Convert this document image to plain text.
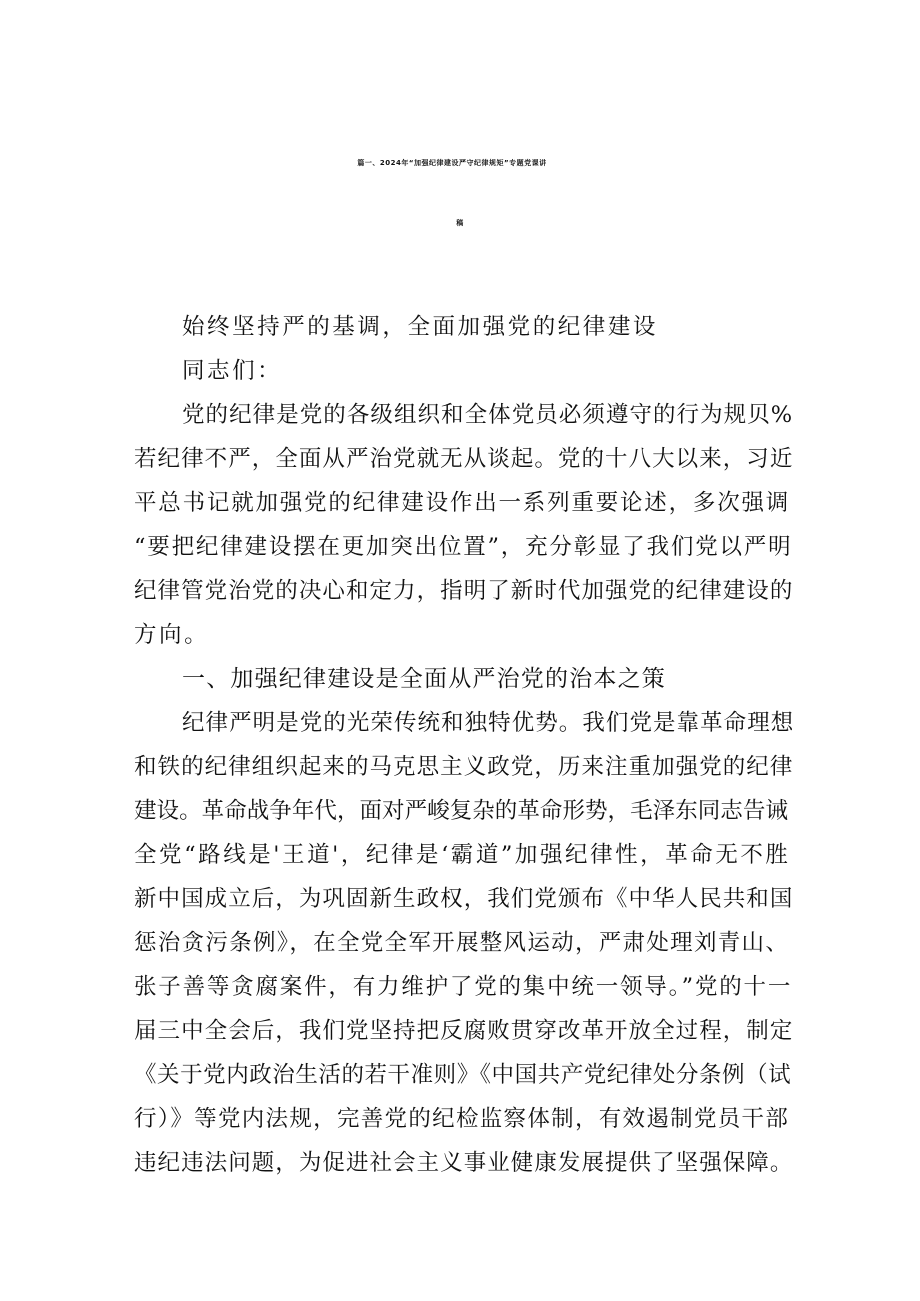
篇一、2024年“加强纪律建设严守纪律规矩”专题党课讲
稿
始终坚持严的基调，全面加强党的纪律建设
同志们：
党的纪律是党的各级组织和全体党员必须遵守的行为规贝%
若纪律不严，全面从严治党就无从谈起。党的十八大以来，习近
平总书记就加强党的纪律建设作出一系列重要论述，多次强调
“要把纪律建设摆在更加突出位置”，充分彰显了我们党以严明
纪律管党治党的决心和定力，指明了新时代加强党的纪律建设的
方向。
一、加强纪律建设是全面从严治党的治本之策
纪律严明是党的光荣传统和独特优势。我们党是靠革命理想
和铁的纪律组织起来的马克思主义政党，历来注重加强党的纪律
建设。革命战争年代，面对严峻复杂的革命形势，毛泽东同志告诫
全党“路线是'王道'，纪律是‘霸道”加强纪律性，革命无不胜
新中国成立后，为巩固新生政权，我们党颁布《中华人民共和国
惩治贪污条例》，在全党全军开展整风运动，严肃处理刘青山、
张子善等贪腐案件，有力维护了党的集中统一领导。”党的十一
届三中全会后，我们党坚持把反腐败贯穿改革开放全过程，制定
《关于党内政治生活的若干准则》《中国共产党纪律处分条例（试
行）》等党内法规，完善党的纪检监察体制，有效遏制党员干部
违纪违法问题，为促进社会主义事业健康发展提供了坚强保障。
